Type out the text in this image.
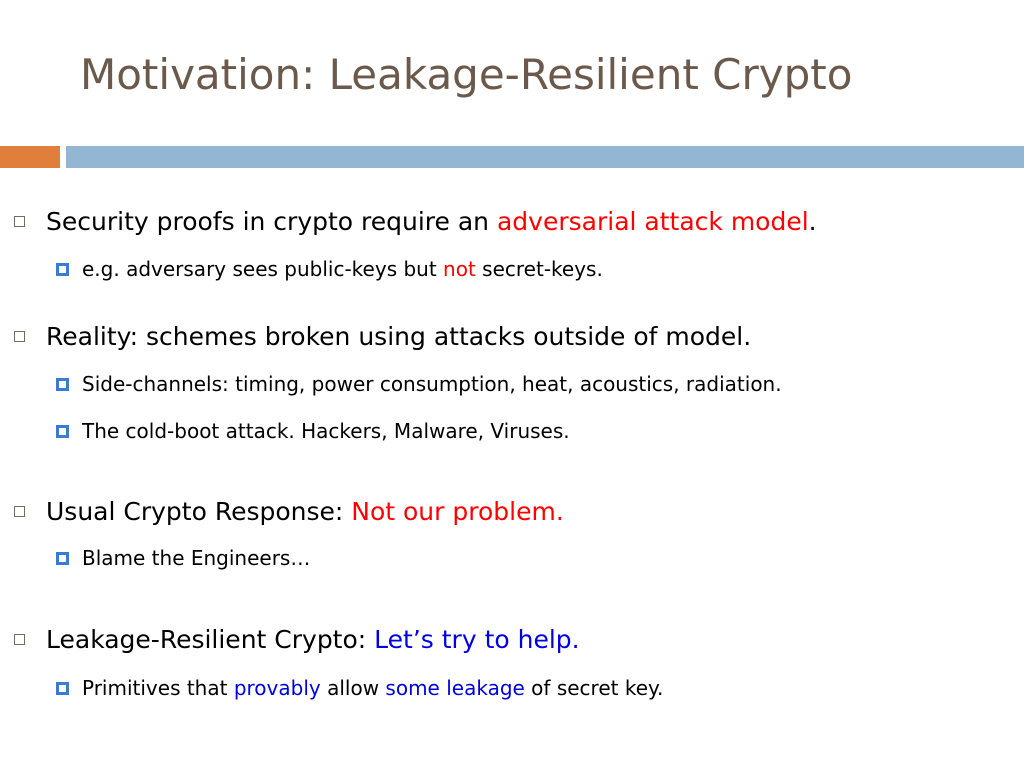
Motivation: Leakage-Resilient Crypto
Security proofs in crypto require an adversarial attack model.
e.g. adversary sees public-keys but not secret-keys.
Reality: schemes broken using attacks outside of model.
Side-channels: timing, power consumption, heat, acoustics, radiation.
The cold-boot attack. Hackers, Malware, Viruses.
Usual Crypto Response: Not our problem.
Blame the Engineers…
Leakage-Resilient Crypto: Let’s try to help.
Primitives that provably allow some leakage of secret key.
